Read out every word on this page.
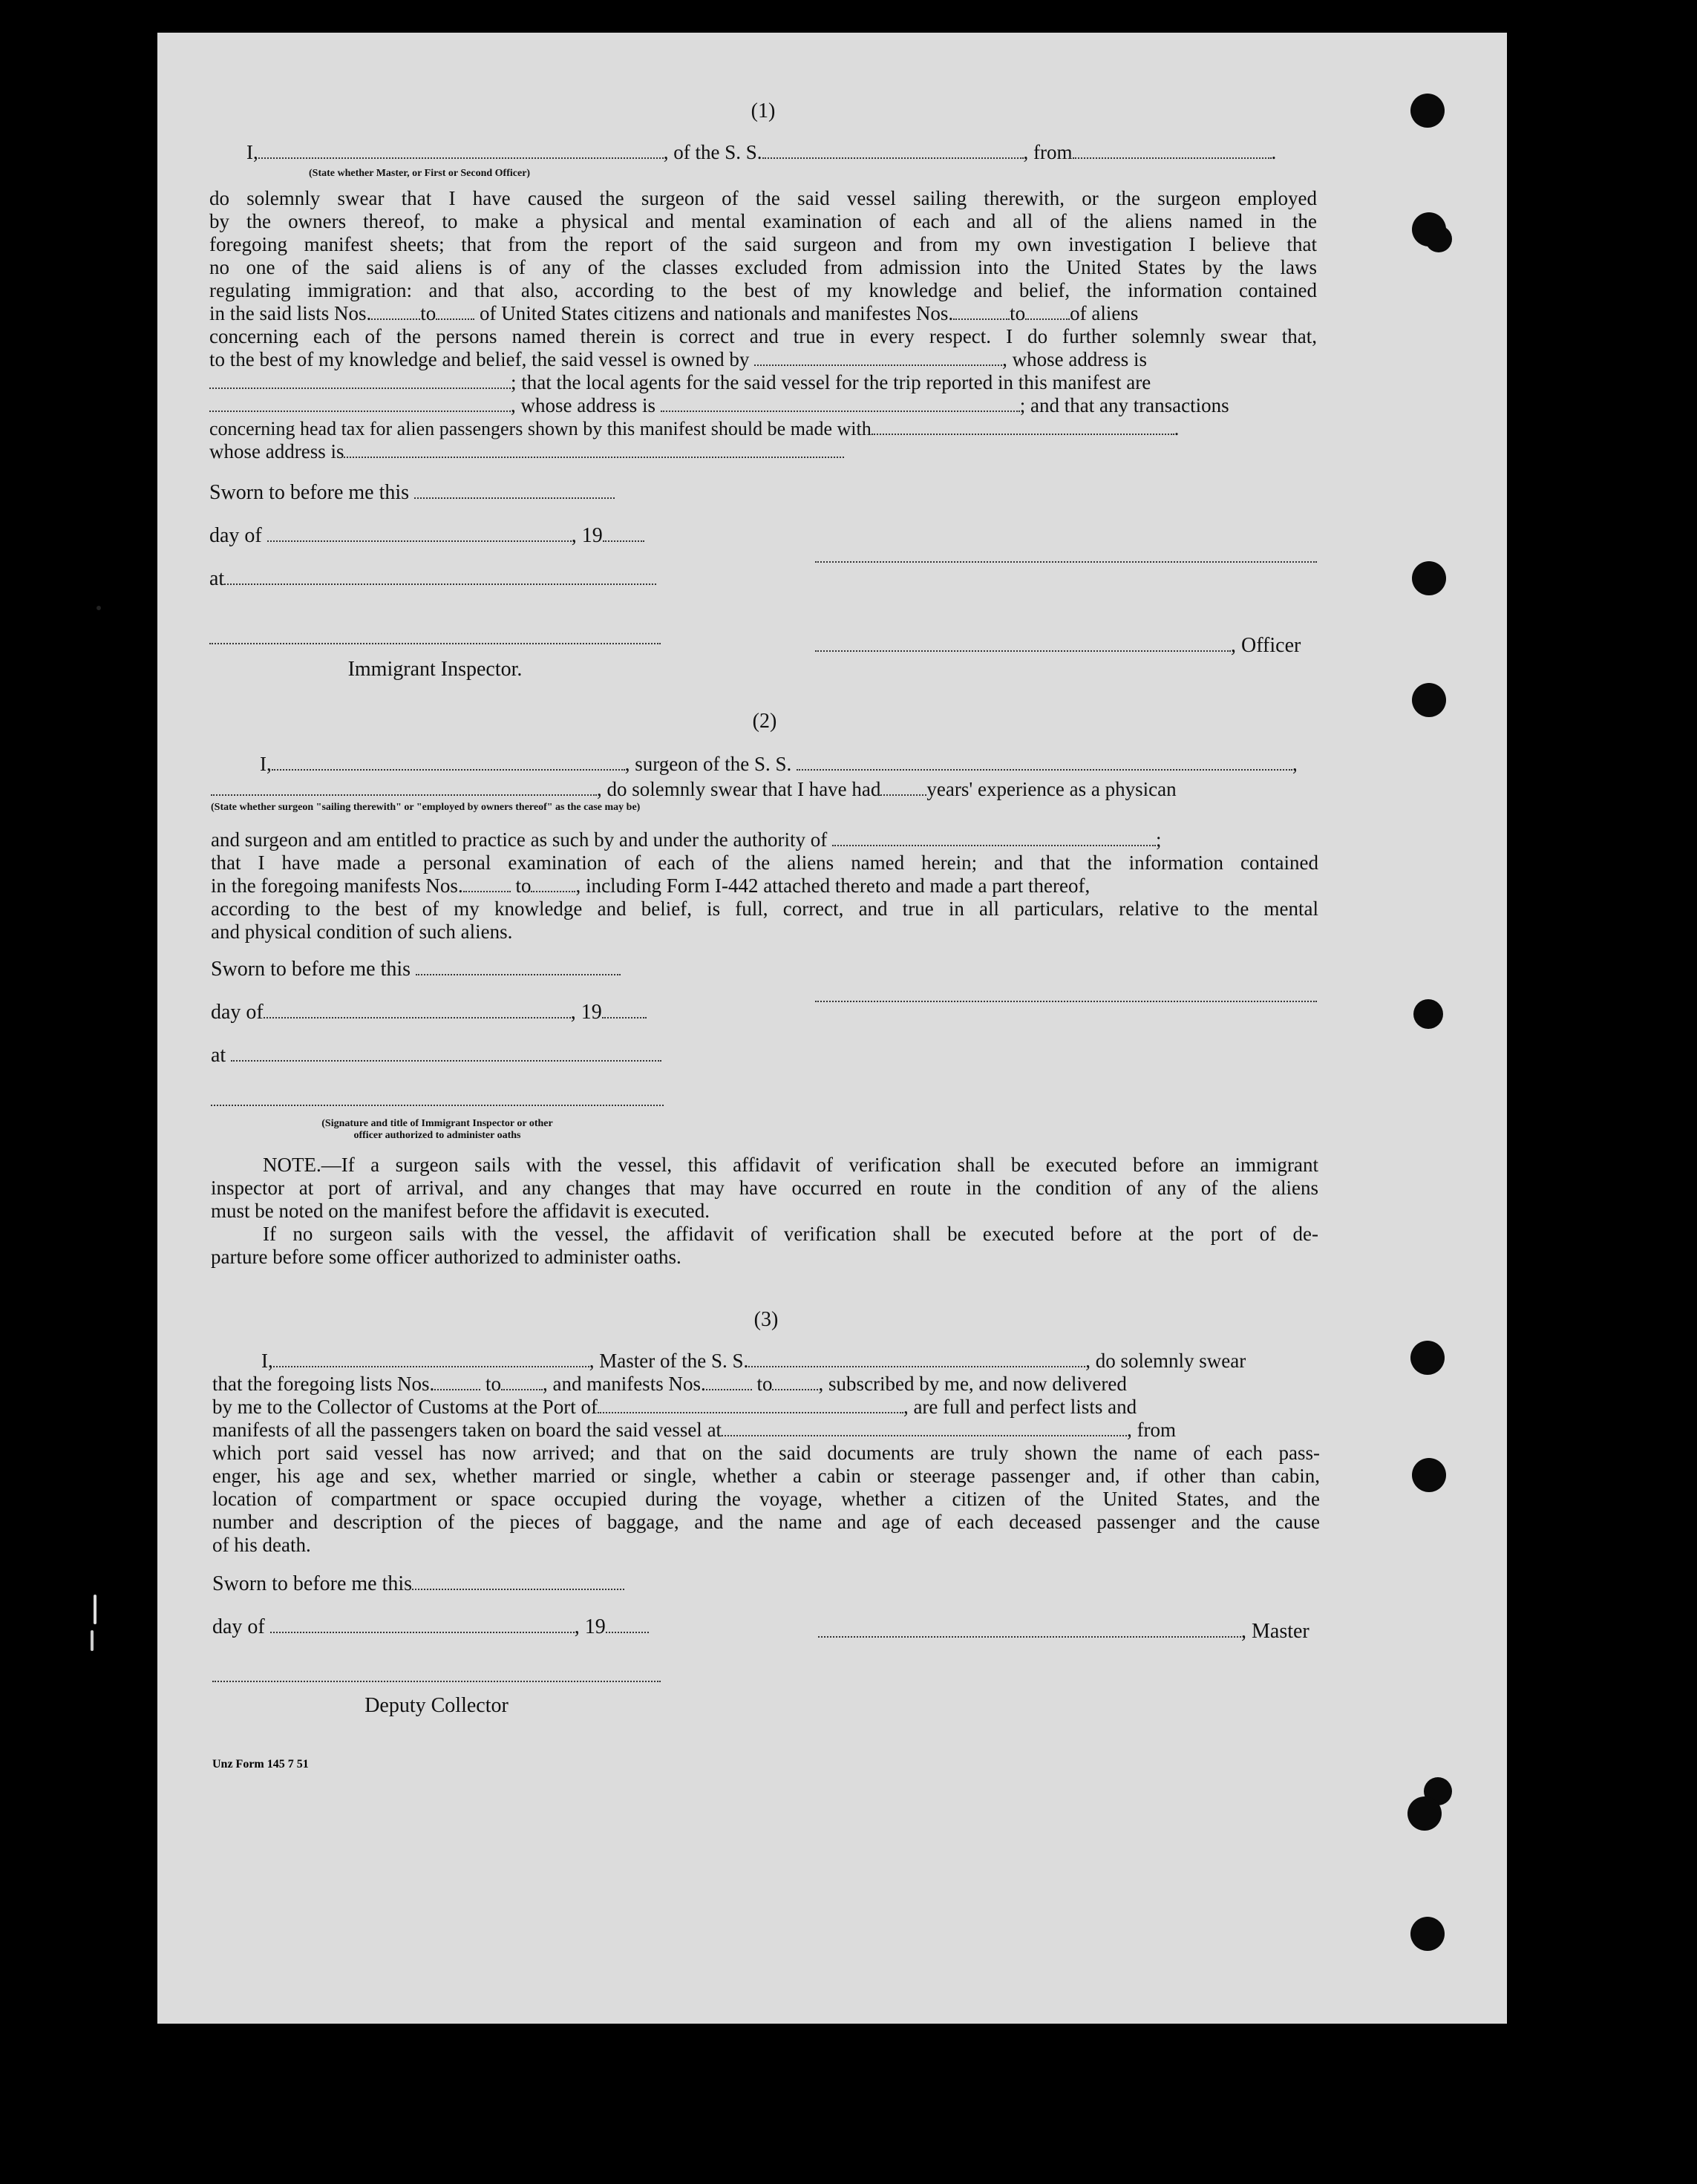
(1)
I,	, of the S. S.	, from	.
(State whether Master, or First or Second Officer)
do solemnly swear that I have caused the surgeon of the said vessel sailing therewith, or the surgeon employed
by the owners thereof, to make a physical and mental examination of each and all of the aliens named in the
foregoing manifest sheets; that from the report of the said surgeon and from my own investigation I believe that
no one of the said aliens is of any of the classes excluded from admission into the United States by the laws
regulating immigration: and that also, according to the best of my knowledge and belief, the information contained
in the said lists Nos. to of United States citizens and nationals and manifestes Nos.	to of aliens
concerning each of the persons named therein is correct and true in every respect. I do further solemnly swear that,
to the best of my knowledge and belief, the said vessel is owned by	, whose address is
; that the local agents for the said vessel for the trip reported in this manifest are
, whose address is	; and that any transactions
concerning head tax for alien passengers shown by this manifest should be made with	.
whose address is
Sworn to before me this
day of	, 19
at
Immigrant Inspector.
, Officer
(2)
I,	, surgeon of the S. S.	,
, do solemnly swear that I have had years' experience as a physican
(State whether surgeon "sailing therewith" or "employed by owners thereof" as the case may be)
and surgeon and am entitled to practice as such by and under the authority of	;
that I have made a personal examination of each of the aliens named herein; and that the information contained
in the foregoing manifests Nos.	to , including Form I-442 attached thereto and made a part thereof,
according to the best of my knowledge and belief, is full, correct, and true in all particulars, relative to the mental
and physical condition of such aliens.
Sworn to before me this
day of	, 19
at
(Signature and title of Immigrant Inspector or other
officer authorized to administer oaths
NOTE.—If a surgeon sails with the vessel, this affidavit of verification shall be executed before an immigrant
inspector at port of arrival, and any changes that may have occurred en route in the condition of any of the aliens
must be noted on the manifest before the affidavit is executed.
If no surgeon sails with the vessel, the affidavit of verification shall be executed before at the port of de-
parture before some officer authorized to administer oaths.
(3)
I,	, Master of the S. S.	, do solemnly swear
that the foregoing lists Nos.	to , and manifests Nos.	to , subscribed by me, and now delivered
by me to the Collector of Customs at the Port of	, are full and perfect lists and
manifests of all the passengers taken on board the said vessel at	, from
which port said vessel has now arrived; and that on the said documents are truly shown the name of each pass-
enger, his age and sex, whether married or single, whether a cabin or steerage passenger and, if other than cabin,
location of compartment or space occupied during the voyage, whether a citizen of the United States, and the
number and description of the pieces of baggage, and the name and age of each deceased passenger and the cause
of his death.
Sworn to before me this
day of	, 19	, Master
Deputy Collector
Unz Form 145 7 51
